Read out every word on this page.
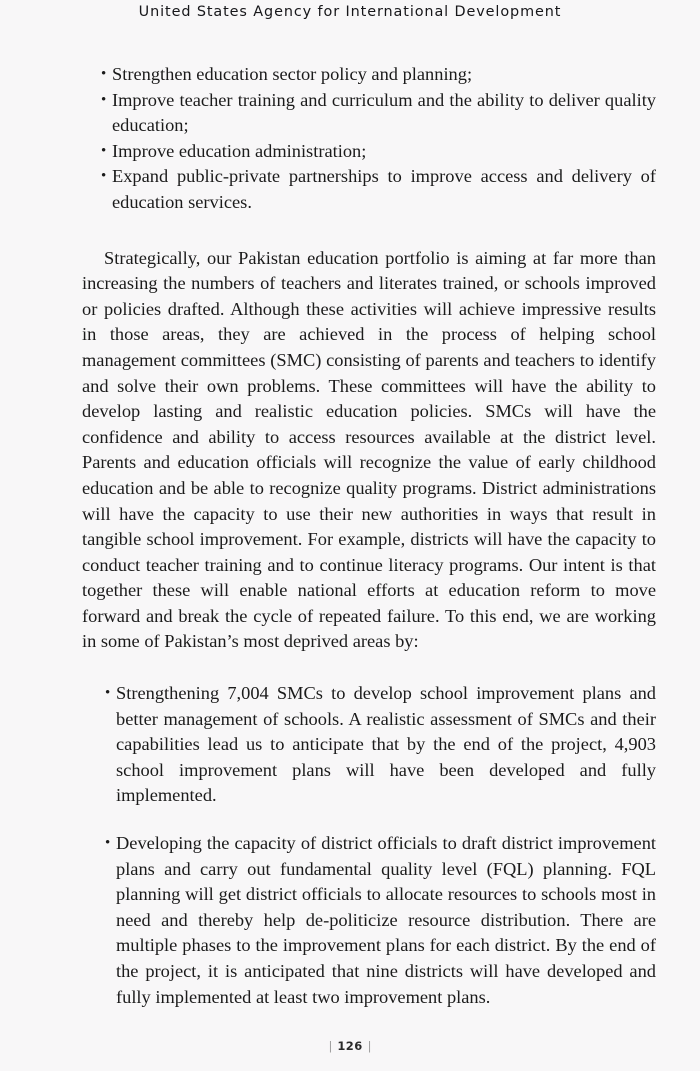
United States Agency for International Development
• Strengthen education sector policy and planning;
• Improve teacher training and curriculum and the ability to deliver quality education;
• Improve education administration;
• Expand public-private partnerships to improve access and delivery of education services.

Strategically, our Pakistan education portfolio is aiming at far more than increasing the numbers of teachers and literates trained, or schools improved or policies drafted. Although these activities will achieve impressive results in those areas, they are achieved in the process of helping school management committees (SMC) consisting of parents and teachers to identify and solve their own problems. These committees will have the ability to develop lasting and realistic education policies. SMCs will have the confidence and ability to access resources available at the district level. Parents and education officials will recognize the value of early childhood education and be able to recognize quality programs. District administrations will have the capacity to use their new authorities in ways that result in tangible school improvement. For example, districts will have the capacity to conduct teacher training and to continue literacy programs. Our intent is that together these will enable national efforts at education reform to move forward and break the cycle of repeated failure. To this end, we are working in some of Pakistan’s most deprived areas by:

• Strengthening 7,004 SMCs to develop school improvement plans and better management of schools. A realistic assessment of SMCs and their capabilities lead us to anticipate that by the end of the project, 4,903 school improvement plans will have been developed and fully implemented.
• Developing the capacity of district officials to draft district improvement plans and carry out fundamental quality level (FQL) planning. FQL planning will get district officials to allocate resources to schools most in need and thereby help de-politicize resource distribution. There are multiple phases to the improvement plans for each district. By the end of the project, it is anticipated that nine districts will have developed and fully implemented at least two improvement plans.
| 126 |
